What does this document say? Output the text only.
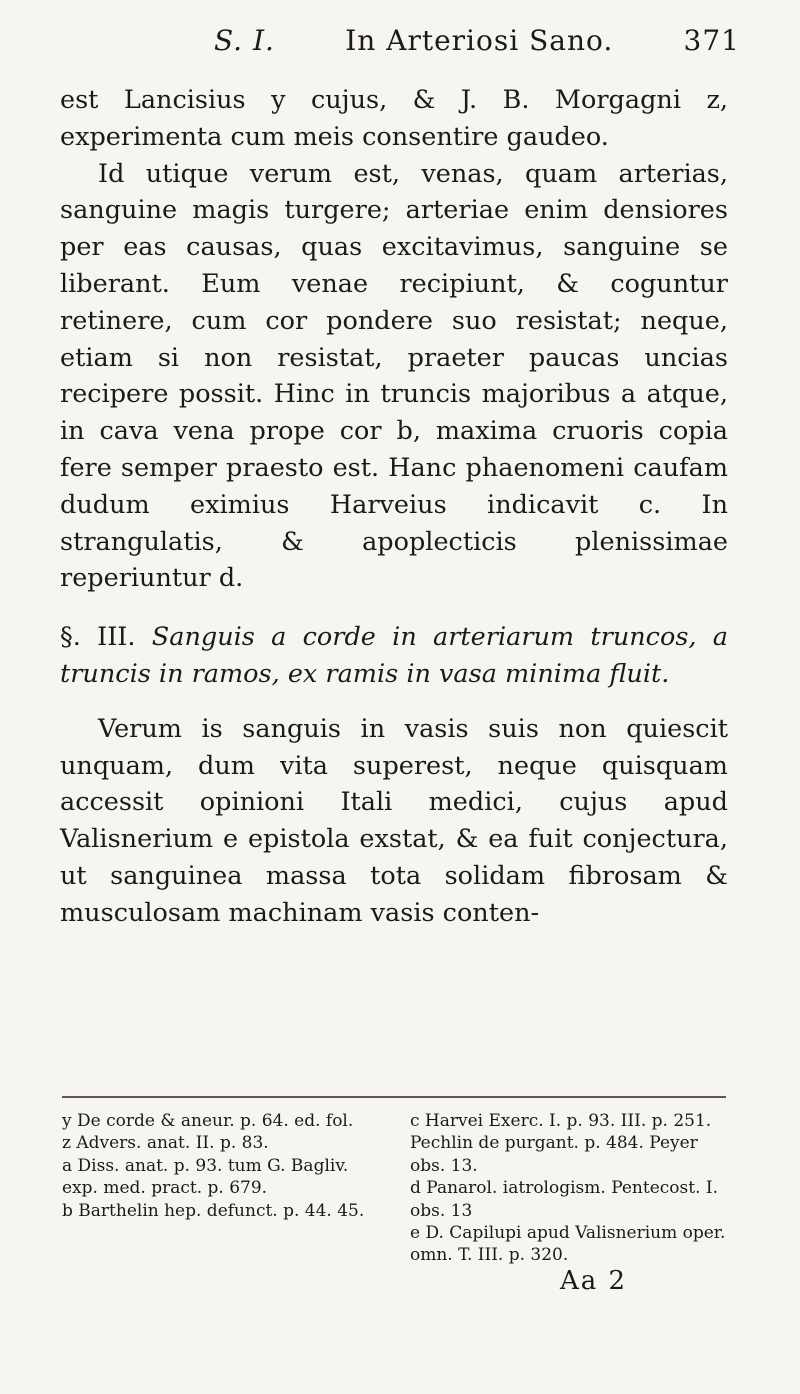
S. I.	In Arteriosi Sano.	371

est Lancisius y cujus, & J. B. Morgagni z, experimenta cum meis consentire gaudeo.

Id utique verum est, venas, quam arterias, sanguine magis turgere; arteriae enim densiores per eas causas, quas excitavimus, sanguine se liberant. Eum venae recipiunt, & coguntur retinere, cum cor pondere suo resistat; neque, etiam si non resistat, praeter paucas uncias recipere possit. Hinc in truncis majoribus a atque, in cava vena prope cor b, maxima cruoris copia fere semper praesto est. Hanc phaenomeni caufam dudum eximius Harveius indicavit c. In strangulatis, & apoplecticis plenissimae reperiuntur d.

§. III. Sanguis a corde in arteriarum truncos, a truncis in ramos, ex ramis in vasa minima fluit.

Verum is sanguis in vasis suis non quiescit unquam, dum vita superest, neque quisquam accessit opinioni Itali medici, cujus apud Valisnerium e epistola exstat, & ea fuit conjectura, ut sanguinea massa tota solidam fibrosam & musculosam machinam vasis conten-

y De corde & aneur. p. 64. ed. fol.

z Advers. anat. II. p. 83.

a Diss. anat. p. 93. tum G. Bagliv. exp. med. pract. p. 679.

b Barthelin hep. defunct. p. 44. 45.

c Harvei Exerc. I. p. 93. III. p. 251. Pechlin de purgant. p. 484. Peyer obs. 13.

d Panarol. iatrologism. Pentecost. I. obs. 13

e D. Capilupi apud Valisnerium oper. omn. T. III. p. 320.

Aa 2
